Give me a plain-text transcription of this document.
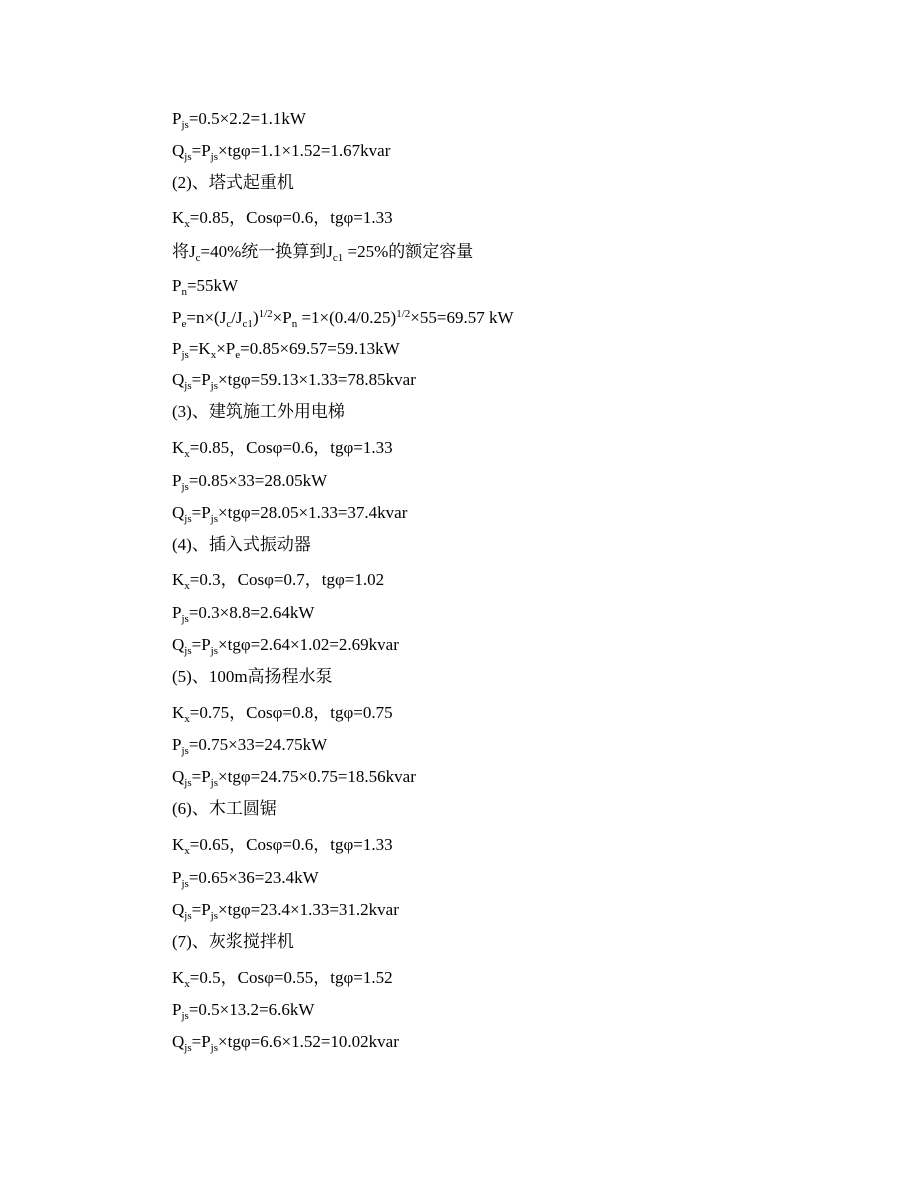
$P_{js}=0.5\times 2.2=1.1kW$
$Q_{js}=P_{js}\times tg\varphi=1.1\times 1.52=1.67kvar$
(2)、塔式起重机
$K_x=0.85$，Cosφ=0.6，tgφ=1.33
将$J_c=40\%$统一换算到$J_{c1} =25\%$的额定容量
$P_n=55kW$
$P_e=n\times(J_c/J_{c1})^{1/2}\times P_n =1\times(0.4/0.25)^{1/2}\times 55=69.57$ kW
$P_{js}=K_x\times P_e=0.85\times 69.57=59.13kW$
$Q_{js}=P_{js}\times tg\varphi=59.13\times 1.33=78.85kvar$
(3)、建筑施工外用电梯
$K_x=0.85$，Cosφ=0.6，tgφ=1.33
$P_{js}=0.85\times 33=28.05kW$
$Q_{js}=P_{js}\times tg\varphi=28.05\times 1.33=37.4kvar$
(4)、插入式振动器
$K_x=0.3$，Cosφ=0.7，tgφ=1.02
$P_{js}=0.3\times 8.8=2.64kW$
$Q_{js}=P_{js}\times tg\varphi=2.64\times 1.02=2.69kvar$
(5)、100m高扬程水泵
$K_x=0.75$，Cosφ=0.8，tgφ=0.75
$P_{js}=0.75\times 33=24.75kW$
$Q_{js}=P_{js}\times tg\varphi=24.75\times 0.75=18.56kvar$
(6)、木工圆锯
$K_x=0.65$，Cosφ=0.6，tgφ=1.33
$P_{js}=0.65\times 36=23.4kW$
$Q_{js}=P_{js}\times tg\varphi=23.4\times 1.33=31.2kvar$
(7)、灰浆搅拌机
$K_x=0.5$，Cosφ=0.55，tgφ=1.52
$P_{js}=0.5\times 13.2=6.6kW$
$Q_{js}=P_{js}\times tg\varphi=6.6\times 1.52=10.02kvar$
